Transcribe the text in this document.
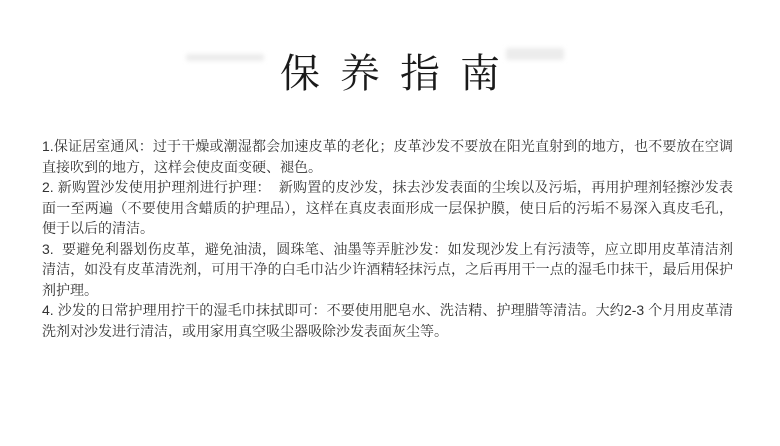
保养指南

1.保证居室通风：过于干燥或潮湿都会加速皮革的老化；皮革沙发不要放在阳光直射到的地方，也不要放在空调直接吹到的地方，这样会使皮面变硬、褪色。

2. 新购置沙发使用护理剂进行护理：  新购置的皮沙发，抹去沙发表面的尘埃以及污垢，再用护理剂轻擦沙发表面一至两遍（不要使用含蜡质的护理品），这样在真皮表面形成一层保护膜，使日后的污垢不易深入真皮毛孔，便于以后的清洁。

3.  要避免利器划伤皮革，避免油渍，圆珠笔、油墨等弄脏沙发：如发现沙发上有污渍等，应立即用皮革清洁剂清洁，如没有皮革清洗剂，可用干净的白毛巾沾少许酒精轻抹污点，之后再用干一点的湿毛巾抹干，最后用保护剂护理。

4. 沙发的日常护理用拧干的湿毛巾抹拭即可：不要使用肥皂水、洗洁精、护理腊等清洁。大约2-3 个月用皮革清洗剂对沙发进行清洁，或用家用真空吸尘器吸除沙发表面灰尘等。
